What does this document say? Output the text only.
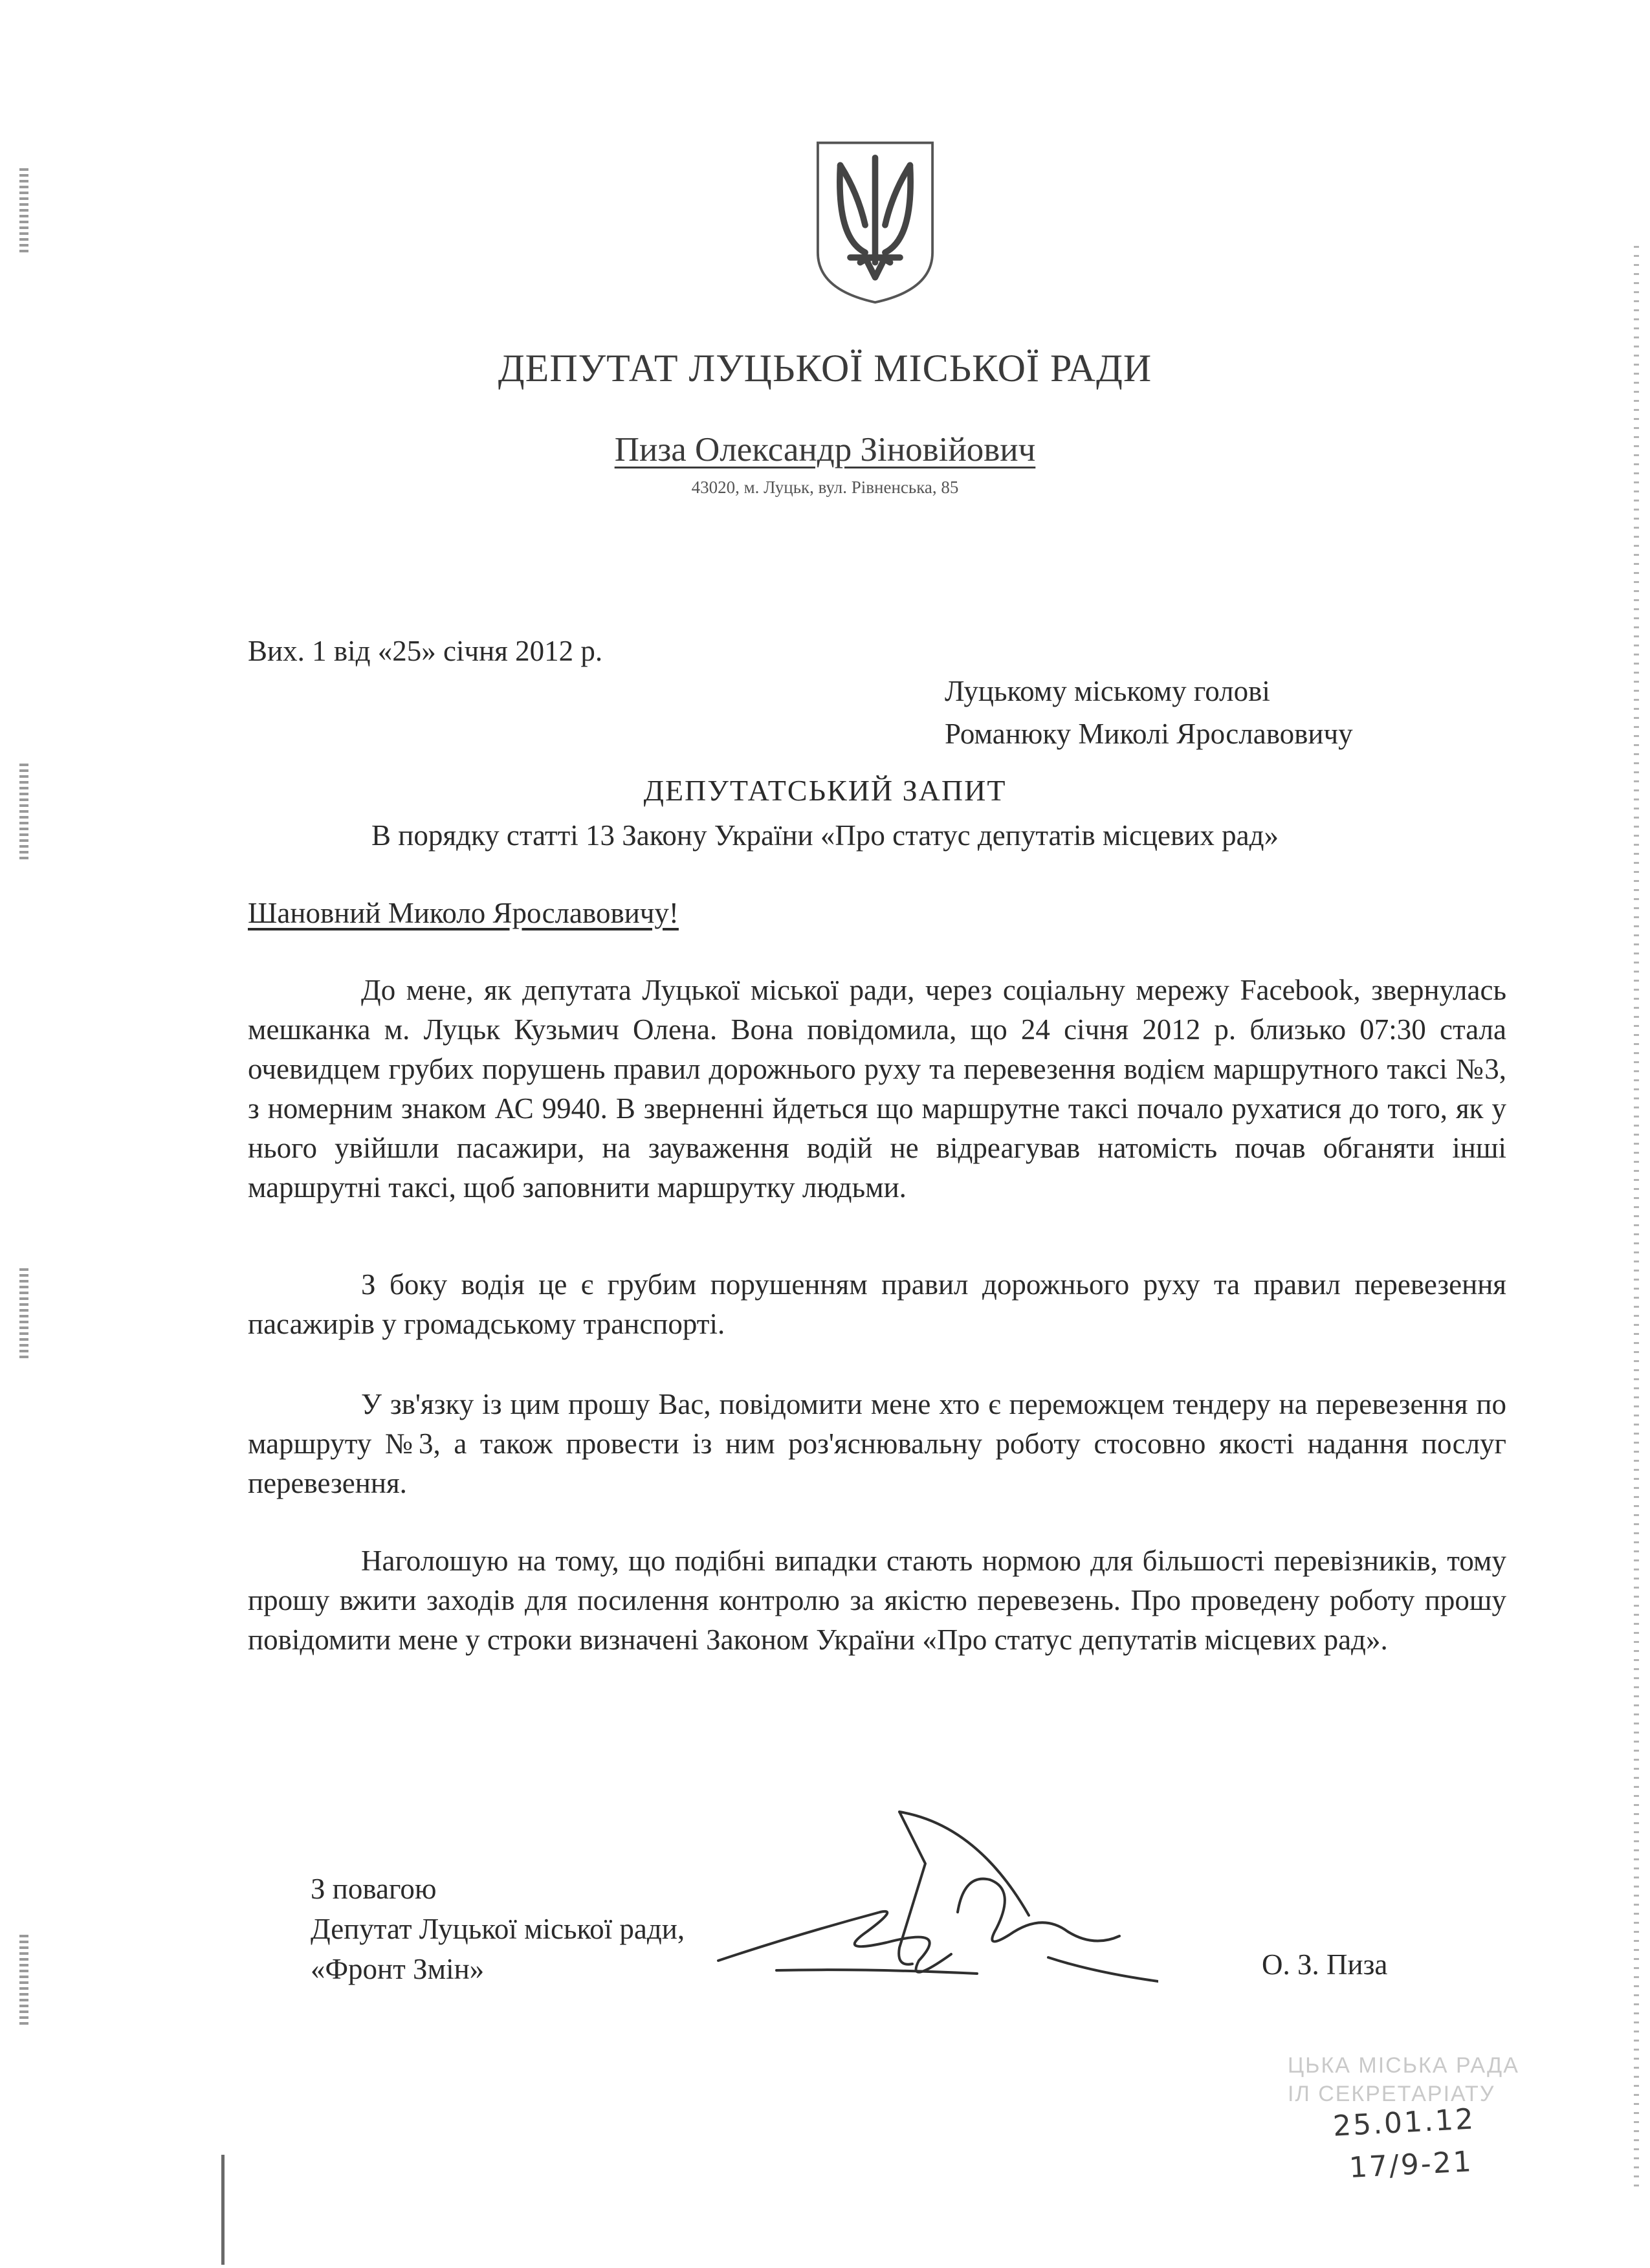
ДЕПУТАТ ЛУЦЬКОЇ МІСЬКОЇ РАДИ
Пиза Олександр Зіновійович
43020, м. Луцьк, вул. Рівненська, 85
Вих. 1 від «25» січня 2012 р.
Луцькому міському голові
Романюку Миколі Ярославовичу
ДЕПУТАТСЬКИЙ ЗАПИТ
В порядку статті 13 Закону України «Про статус депутатів місцевих рад»
Шановний Миколо Ярославовичу!
До мене, як депутата Луцької міської ради, через соціальну мережу Facebook, звернулась мешканка м. Луцьк Кузьмич Олена. Вона повідомила, що 24 січня 2012 р. близько 07:30 стала очевидцем грубих порушень правил дорожнього руху та перевезення водієм маршрутного таксі №3, з номерним знаком АС 9940. В зверненні йдеться що маршрутне таксі почало рухатися до того, як у нього увійшли пасажири, на зауваження водій не відреагував натомість почав обганяти інші маршрутні таксі, щоб заповнити маршрутку людьми.
З боку водія це є грубим порушенням правил дорожнього руху та правил перевезення пасажирів у громадському транспорті.
У зв'язку із цим прошу Вас, повідомити мене хто є переможцем тендеру на перевезення по маршруту №3, а також провести із ним роз'яснювальну роботу стосовно якості надання послуг перевезення.
Наголошую на тому, що подібні випадки стають нормою для більшості перевізників, тому прошу вжити заходів для посилення контролю за якістю перевезень. Про проведену роботу прошу повідомити мене у строки визначені Законом України «Про статус депутатів місцевих рад».
З повагою
Депутат Луцької міської ради,
«Фронт Змін»	О. З. Пиза
ЦЬКА МІСЬКА РАДА
ІЛ СЕКРЕТАРІАТУ
25.01.12
17/9-21
